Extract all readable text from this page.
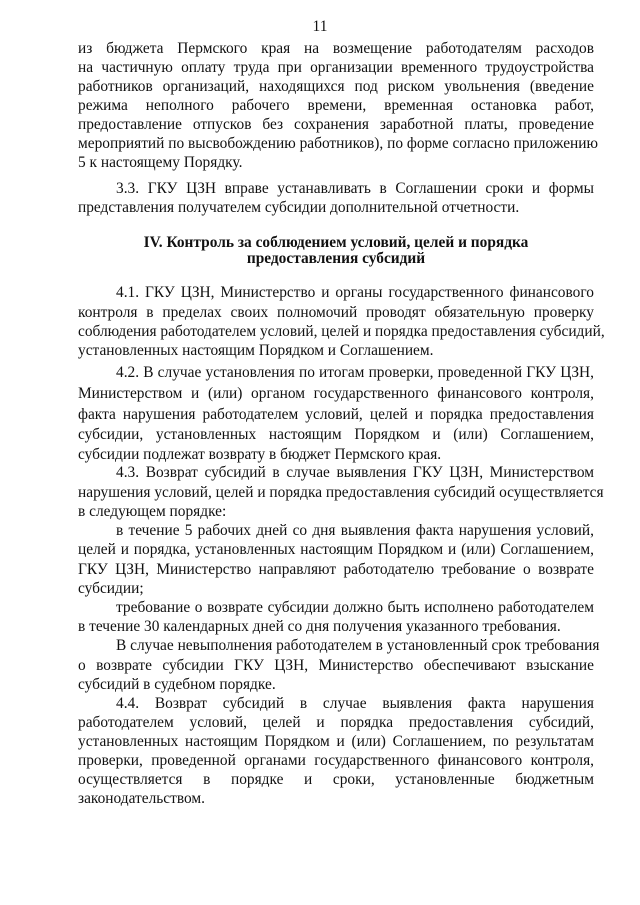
11
из бюджета Пермского края на возмещение работодателям расходов
на частичную оплату труда при организации временного трудоустройства
работников организаций, находящихся под риском увольнения (введение
режима неполного рабочего времени, временная остановка работ,
предоставление отпусков без сохранения заработной платы, проведение
мероприятий по высвобождению работников), по форме согласно приложению
5 к настоящему Порядку.
3.3. ГКУ ЦЗН вправе устанавливать в Соглашении сроки и формы
представления получателем субсидии дополнительной отчетности.
IV. Контроль за соблюдением условий, целей и порядка
предоставления субсидий
4.1. ГКУ ЦЗН, Министерство и органы государственного финансового
контроля в пределах своих полномочий проводят обязательную проверку
соблюдения работодателем условий, целей и порядка предоставления субсидий,
установленных настоящим Порядком и Соглашением.
4.2. В случае установления по итогам проверки, проведенной ГКУ ЦЗН,
Министерством и (или) органом государственного финансового контроля,
факта нарушения работодателем условий, целей и порядка предоставления
субсидии, установленных настоящим Порядком и (или) Соглашением,
субсидии подлежат возврату в бюджет Пермского края.
4.3. Возврат субсидий в случае выявления ГКУ ЦЗН, Министерством
нарушения условий, целей и порядка предоставления субсидий осуществляется
в следующем порядке:
в течение 5 рабочих дней со дня выявления факта нарушения условий,
целей и порядка, установленных настоящим Порядком и (или) Соглашением,
ГКУ ЦЗН, Министерство направляют работодателю требование о возврате
субсидии;
требование о возврате субсидии должно быть исполнено работодателем
в течение 30 календарных дней со дня получения указанного требования.
В случае невыполнения работодателем в установленный срок требования
о возврате субсидии ГКУ ЦЗН, Министерство обеспечивают взыскание
субсидий в судебном порядке.
4.4. Возврат субсидий в случае выявления факта нарушения
работодателем условий, целей и порядка предоставления субсидий,
установленных настоящим Порядком и (или) Соглашением, по результатам
проверки, проведенной органами государственного финансового контроля,
осуществляется в порядке и сроки, установленные бюджетным
законодательством.
